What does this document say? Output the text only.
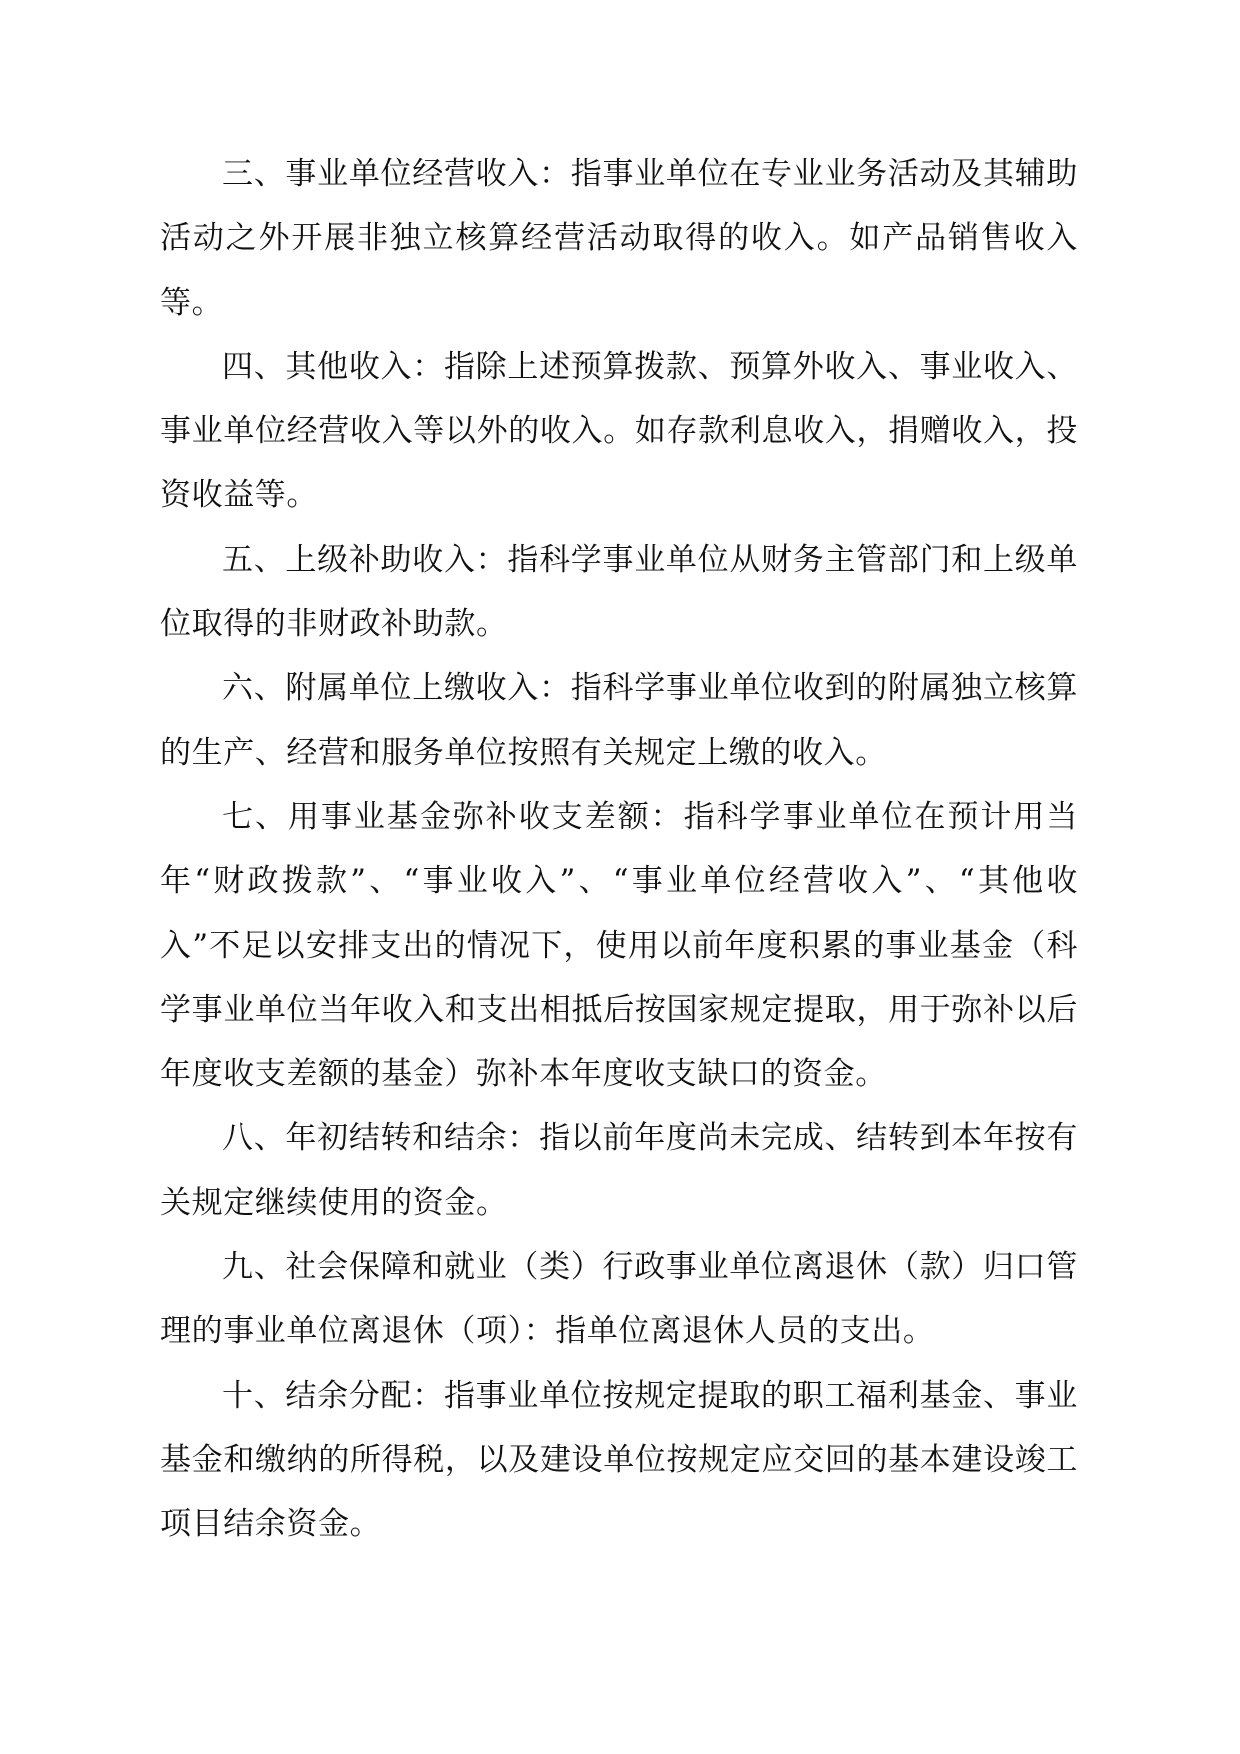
三、事业单位经营收入：指事业单位在专业业务活动及其辅助活动之外开展非独立核算经营活动取得的收入。如产品销售收入等。

四、其他收入：指除上述预算拨款、预算外收入、事业收入、事业单位经营收入等以外的收入。如存款利息收入，捐赠收入，投资收益等。

五、上级补助收入：指科学事业单位从财务主管部门和上级单位取得的非财政补助款。

六、附属单位上缴收入：指科学事业单位收到的附属独立核算的生产、经营和服务单位按照有关规定上缴的收入。

七、用事业基金弥补收支差额：指科学事业单位在预计用当年“财政拨款”、“事业收入”、“事业单位经营收入”、“其他收入”不足以安排支出的情况下，使用以前年度积累的事业基金（科学事业单位当年收入和支出相抵后按国家规定提取，用于弥补以后年度收支差额的基金）弥补本年度收支缺口的资金。

八、年初结转和结余：指以前年度尚未完成、结转到本年按有关规定继续使用的资金。

九、社会保障和就业（类）行政事业单位离退休（款）归口管理的事业单位离退休（项）：指单位离退休人员的支出。

十、结余分配：指事业单位按规定提取的职工福利基金、事业基金和缴纳的所得税，以及建设单位按规定应交回的基本建设竣工项目结余资金。
